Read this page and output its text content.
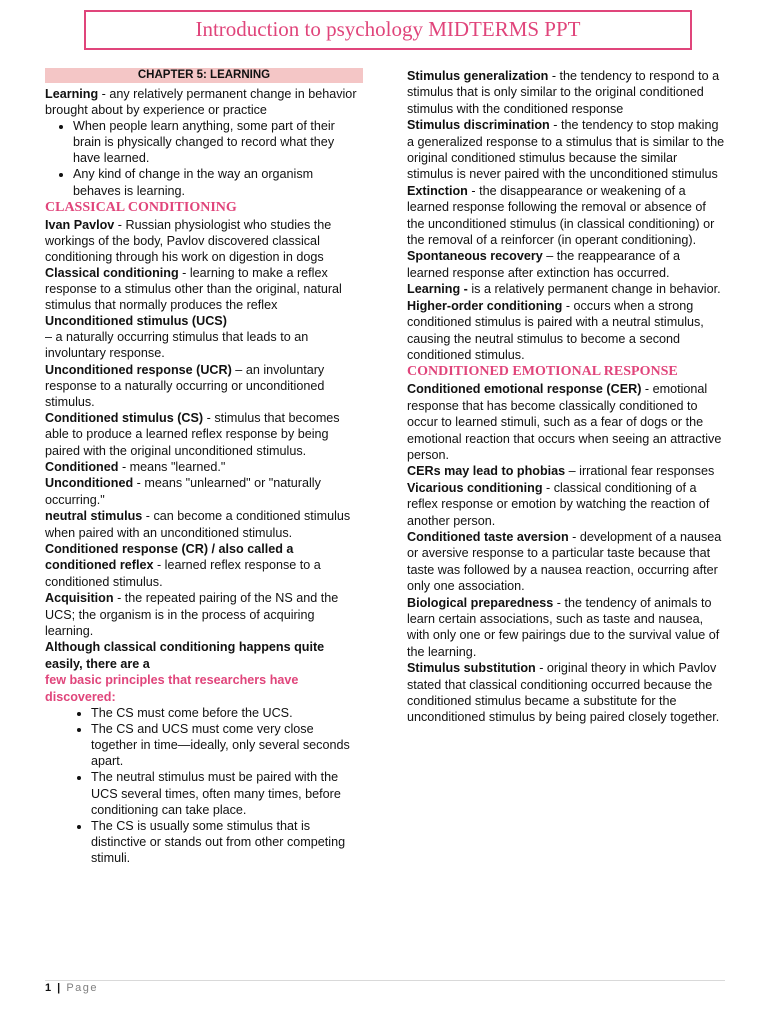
Introduction to psychology MIDTERMS PPT
CHAPTER 5: LEARNING

Learning - any relatively permanent change in behavior brought about by experience or practice

• When people learn anything, some part of their brain is physically changed to record what they have learned.
• Any kind of change in the way an organism behaves is learning.
CLASSICAL CONDITIONING

Ivan Pavlov - Russian physiologist who studies the workings of the body, Pavlov discovered classical conditioning through his work on digestion in dogs

Classical conditioning - learning to make a reflex response to a stimulus other than the original, natural stimulus that normally produces the reflex

Unconditioned stimulus (UCS)
– a naturally occurring stimulus that leads to an involuntary response.

Unconditioned response (UCR) – an involuntary response to a naturally occurring or unconditioned stimulus.

Conditioned stimulus (CS) - stimulus that becomes able to produce a learned reflex response by being paired with the original unconditioned stimulus.

Conditioned - means "learned."

Unconditioned - means "unlearned" or "naturally occurring."

neutral stimulus - can become a conditioned stimulus when paired with an unconditioned stimulus.

Conditioned response (CR) / also called a conditioned reflex - learned reflex response to a conditioned stimulus.

Acquisition - the repeated pairing of the NS and the UCS; the organism is in the process of acquiring learning.

Although classical conditioning happens quite easily, there are a
few basic principles that researchers have discovered:

• The CS must come before the UCS.
• The CS and UCS must come very close together in time—ideally, only several seconds apart.
• The neutral stimulus must be paired with the UCS several times, often many times, before conditioning can take place.
• The CS is usually some stimulus that is distinctive or stands out from other competing stimuli.

Stimulus generalization - the tendency to respond to a stimulus that is only similar to the original conditioned stimulus with the conditioned response

Stimulus discrimination - the tendency to stop making a generalized response to a stimulus that is similar to the original conditioned stimulus because the similar stimulus is never paired with the unconditioned stimulus

Extinction - the disappearance or weakening of a learned response following the removal or absence of the unconditioned stimulus (in classical conditioning) or the removal of a reinforcer (in operant conditioning).

Spontaneous recovery – the reappearance of a learned response after extinction has occurred.

Learning - is a relatively permanent change in behavior.

Higher-order conditioning - occurs when a strong conditioned stimulus is paired with a neutral stimulus, causing the neutral stimulus to become a second conditioned stimulus.

CONDITIONED EMOTIONAL RESPONSE

Conditioned emotional response (CER) - emotional response that has become classically conditioned to occur to learned stimuli, such as a fear of dogs or the emotional reaction that occurs when seeing an attractive person.

CERs may lead to phobias – irrational fear responses

Vicarious conditioning - classical conditioning of a reflex response or emotion by watching the reaction of another person.

Conditioned taste aversion - development of a nausea or aversive response to a particular taste because that taste was followed by a nausea reaction, occurring after only one association.

Biological preparedness - the tendency of animals to learn certain associations, such as taste and nausea, with only one or few pairings due to the survival value of the learning.

Stimulus substitution - original theory in which Pavlov stated that classical conditioning occurred because the conditioned stimulus became a substitute for the unconditioned stimulus by being paired closely together.

1 | Page
